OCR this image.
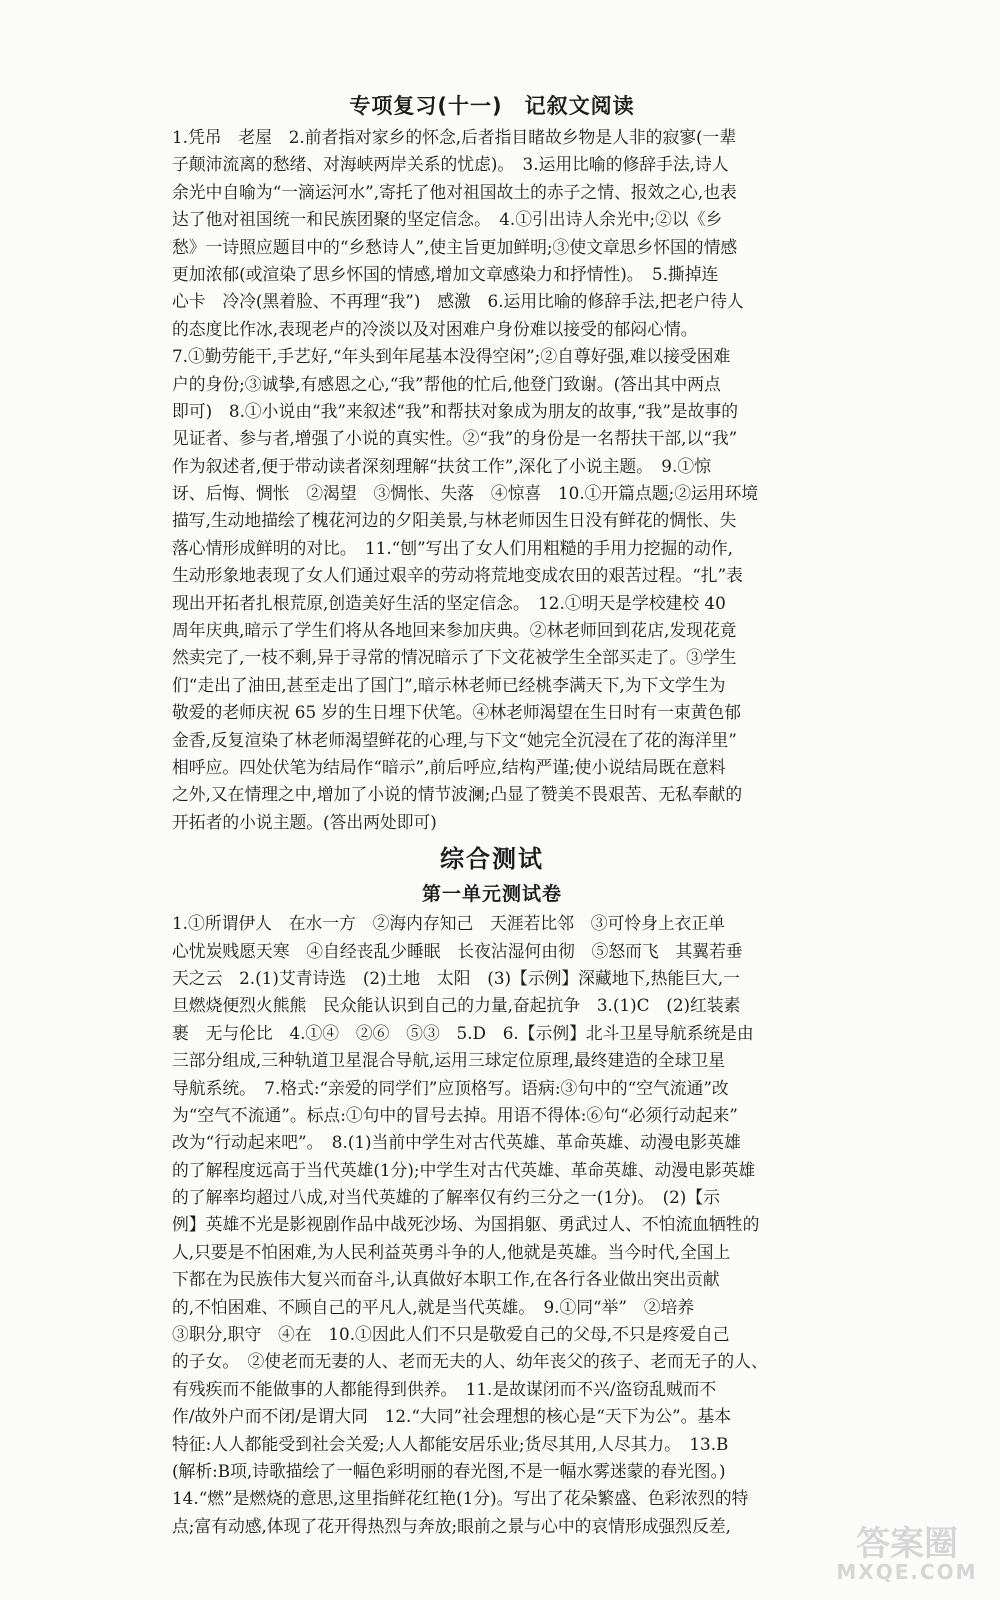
专项复习(十一)　记叙文阅读
1.凭吊　老屋　2.前者指对家乡的怀念,后者指目睹故乡物是人非的寂寥(一辈
子颠沛流离的愁绪、对海峡两岸关系的忧虑)。　3.运用比喻的修辞手法,诗人
余光中自喻为“一滴运河水”,寄托了他对祖国故土的赤子之情、报效之心,也表
达了他对祖国统一和民族团聚的坚定信念。　4.①引出诗人余光中;②以《乡
愁》一诗照应题目中的“乡愁诗人”,使主旨更加鲜明;③使文章思乡怀国的情感
更加浓郁(或渲染了思乡怀国的情感,增加文章感染力和抒情性)。　5.撕掉连
心卡　冷冷(黑着脸、不再理“我”)　感激　6.运用比喻的修辞手法,把老户待人
的态度比作冰,表现老卢的冷淡以及对困难户身份难以接受的郁闷心情。
7.①勤劳能干,手艺好,“年头到年尾基本没得空闲”;②自尊好强,难以接受困难
户的身份;③诚挚,有感恩之心,“我”帮他的忙后,他登门致谢。(答出其中两点
即可)　8.①小说由“我”来叙述“我”和帮扶对象成为朋友的故事,“我”是故事的
见证者、参与者,增强了小说的真实性。②“我”的身份是一名帮扶干部,以“我”
作为叙述者,便于带动读者深刻理解“扶贫工作”,深化了小说主题。　9.①惊
讶、后悔、惆怅　②渴望　③惆怅、失落　④惊喜　10.①开篇点题;②运用环境
描写,生动地描绘了槐花河边的夕阳美景,与林老师因生日没有鲜花的惆怅、失
落心情形成鲜明的对比。　11.“刨”写出了女人们用粗糙的手用力挖掘的动作,
生动形象地表现了女人们通过艰辛的劳动将荒地变成农田的艰苦过程。“扎”表
现出开拓者扎根荒原,创造美好生活的坚定信念。　12.①明天是学校建校 40
周年庆典,暗示了学生们将从各地回来参加庆典。②林老师回到花店,发现花竟
然卖完了,一枝不剩,异于寻常的情况暗示了下文花被学生全部买走了。③学生
们“走出了油田,甚至走出了国门”,暗示林老师已经桃李满天下,为下文学生为
敬爱的老师庆祝 65 岁的生日埋下伏笔。④林老师渴望在生日时有一束黄色郁
金香,反复渲染了林老师渴望鲜花的心理,与下文“她完全沉浸在了花的海洋里”
相呼应。四处伏笔为结局作“暗示”,前后呼应,结构严谨;使小说结局既在意料
之外,又在情理之中,增加了小说的情节波澜;凸显了赞美不畏艰苦、无私奉献的
开拓者的小说主题。(答出两处即可)
综合测试
第一单元测试卷
1.①所谓伊人　在水一方　②海内存知己　天涯若比邻　③可怜身上衣正单
心忧炭贱愿天寒　④自经丧乱少睡眠　长夜沾湿何由彻　⑤怒而飞　其翼若垂
天之云　2.(1)艾青诗选　(2)土地　太阳　(3)【示例】深藏地下,热能巨大,一
旦燃烧便烈火熊熊　民众能认识到自己的力量,奋起抗争　3.(1)C　(2)红装素
裹　无与伦比　4.①④　②⑥　⑤③　5.D　6.【示例】北斗卫星导航系统是由
三部分组成,三种轨道卫星混合导航,运用三球定位原理,最终建造的全球卫星
导航系统。　7.格式:“亲爱的同学们”应顶格写。语病:③句中的“空气流通”改
为“空气不流通”。标点:①句中的冒号去掉。用语不得体:⑥句“必须行动起来”
改为“行动起来吧”。　8.(1)当前中学生对古代英雄、革命英雄、动漫电影英雄
的了解程度远高于当代英雄(1分);中学生对古代英雄、革命英雄、动漫电影英雄
的了解率均超过八成,对当代英雄的了解率仅有约三分之一(1分)。　(2)【示
例】英雄不光是影视剧作品中战死沙场、为国捐躯、勇武过人、不怕流血牺牲的
人,只要是不怕困难,为人民利益英勇斗争的人,他就是英雄。当今时代,全国上
下都在为民族伟大复兴而奋斗,认真做好本职工作,在各行各业做出突出贡献
的,不怕困难、不顾自己的平凡人,就是当代英雄。　9.①同“举”　②培养
③职分,职守　④在　10.①因此人们不只是敬爱自己的父母,不只是疼爱自己
的子女。　②使老而无妻的人、老而无夫的人、幼年丧父的孩子、老而无子的人、
有残疾而不能做事的人都能得到供养。　11.是故谋闭而不兴/盗窃乱贼而不
作/故外户而不闭/是谓大同　12.“大同”社会理想的核心是“天下为公”。基本
特征:人人都能受到社会关爱;人人都能安居乐业;货尽其用,人尽其力。　13.B
(解析:B项,诗歌描绘了一幅色彩明丽的春光图,不是一幅水雾迷蒙的春光图。)
14.“燃”是燃烧的意思,这里指鲜花红艳(1分)。写出了花朵繁盛、色彩浓烈的特
点;富有动感,体现了花开得热烈与奔放;眼前之景与心中的哀情形成强烈反差,	答案圈
MXQE.COM
